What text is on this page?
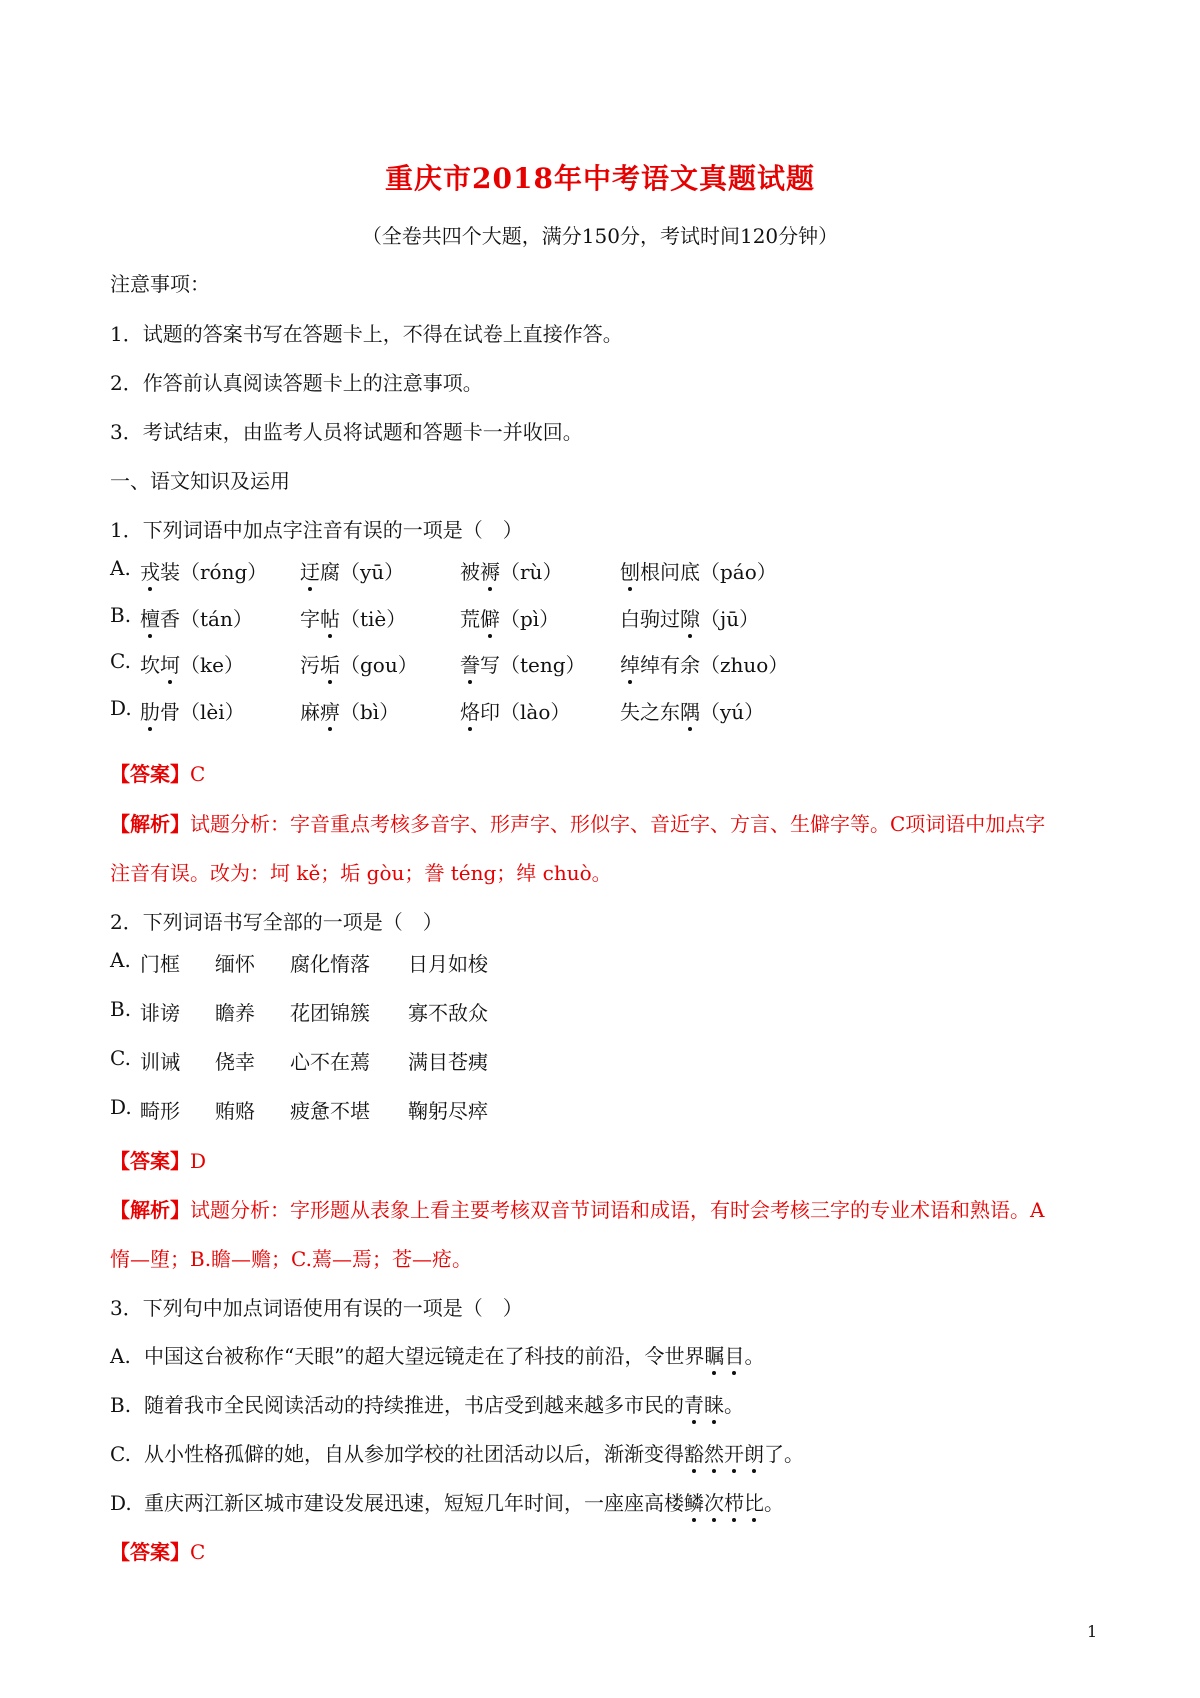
重庆市2018年中考语文真题试题
（全卷共四个大题，满分150分，考试时间120分钟）
注意事项：
1．试题的答案书写在答题卡上，不得在试卷上直接作答。
2．作答前认真阅读答题卡上的注意事项。
3．考试结束，由监考人员将试题和答题卡一并收回。
一、语文知识及运用
1．下列词语中加点字注音有误的一项是（　）
A. 戎装（róng） 迂腐（yū）	被褥（rù）	刨根问底（páo）
B. 檀香（tán） 字帖（tiè）	荒僻（pì）	白驹过隙（jū）
C. 坎坷（ke）	污垢（gou） 誊写（teng） 绰绰有余（zhuo）
D. 肋骨（lèi）	麻痹（bì）	烙印（lào） 失之东隅（yú）
【答案】C
【解析】试题分析：字音重点考核多音字、形声字、形似字、音近字、方言、生僻字等。C项词语中加点字
注音有误。改为：坷 kě；垢 gòu；誊 téng；绰 chuò。
2．下列词语书写全部的一项是（　）
A. 门框 缅怀 腐化惰落 日月如梭
B. 诽谤 瞻养 花团锦簇 寡不敌众
C. 训诫 侥幸 心不在蔫 满目苍痍
D. 畸形 贿赂 疲惫不堪 鞠躬尽瘁
【答案】D
【解析】试题分析：字形题从表象上看主要考核双音节词语和成语，有时会考核三字的专业术语和熟语。A
惰—堕；B.瞻—赡；C.蔫—焉；苍—疮。
3．下列句中加点词语使用有误的一项是（　）
A. 中国这台被称作“天眼”的超大望远镜走在了科技的前沿，令世界瞩目。
B. 随着我市全民阅读活动的持续推进，书店受到越来越多市民的青睐。
C. 从小性格孤僻的她，自从参加学校的社团活动以后，渐渐变得豁然开朗了。
D. 重庆两江新区城市建设发展迅速，短短几年时间，一座座高楼鳞次栉比。
【答案】C
1
